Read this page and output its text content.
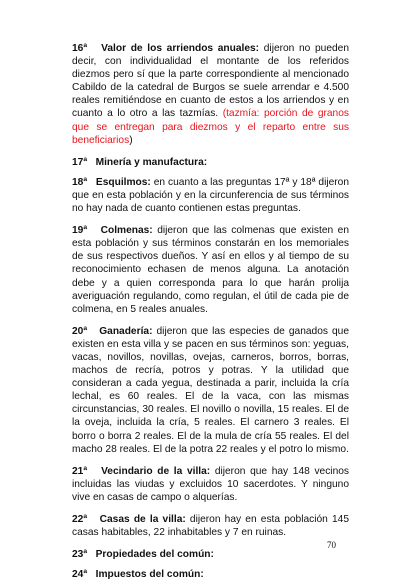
16ª Valor de los arriendos anuales: dijeron no pueden decir, con individualidad el montante de los referidos diezmos pero sí que la parte correspondiente al mencionado Cabildo de la catedral de Burgos se suele arrendar e 4.500 reales remitiéndose en cuanto de estos a los arriendos y en cuanto a lo otro a las tazmías. (tazmía: porción de granos que se entregan para diezmos y el reparto entre sus beneficiarios)

17ª Minería y manufactura:

18ª Esquilmos: en cuanto a las preguntas 17ª y 18ª dijeron que en esta población y en la circunferencia de sus términos no hay nada de cuanto contienen estas preguntas.

19ª Colmenas: dijeron que las colmenas que existen en esta población y sus términos constarán en los memoriales de sus respectivos dueños. Y así en ellos y al tiempo de su reconocimiento echasen de menos alguna. La anotación debe y a quien corresponda para lo que harán prolija averiguación regulando, como regulan, el útil de cada pie de colmena, en 5 reales anuales.

20ª Ganadería: dijeron que las especies de ganados que existen en esta villa y se pacen en sus términos son: yeguas, vacas, novillos, novillas, ovejas, carneros, borros, borras, machos de recría, potros y potras. Y la utilidad que consideran a cada yegua, destinada a parir, incluida la cría lechal, es 60 reales. El de la vaca, con las mismas circunstancias, 30 reales. El novillo o novilla, 15 reales. El de la oveja, incluida la cría, 5 reales. El carnero 3 reales. El borro o borra 2 reales. El de la mula de cría 55 reales. El del macho 28 reales. El de la potra 22 reales y el potro lo mismo.

21ª Vecindario de la villa: dijeron que hay 148 vecinos incluidas las viudas y excluidos 10 sacerdotes. Y ninguno vive en casas de campo o alquerías.

22ª Casas de la villa: dijeron hay en esta población 145 casas habitables, 22 inhabitables y 7 en ruinas.

23ª Propiedades del común:

24ª Impuestos del común:

70
